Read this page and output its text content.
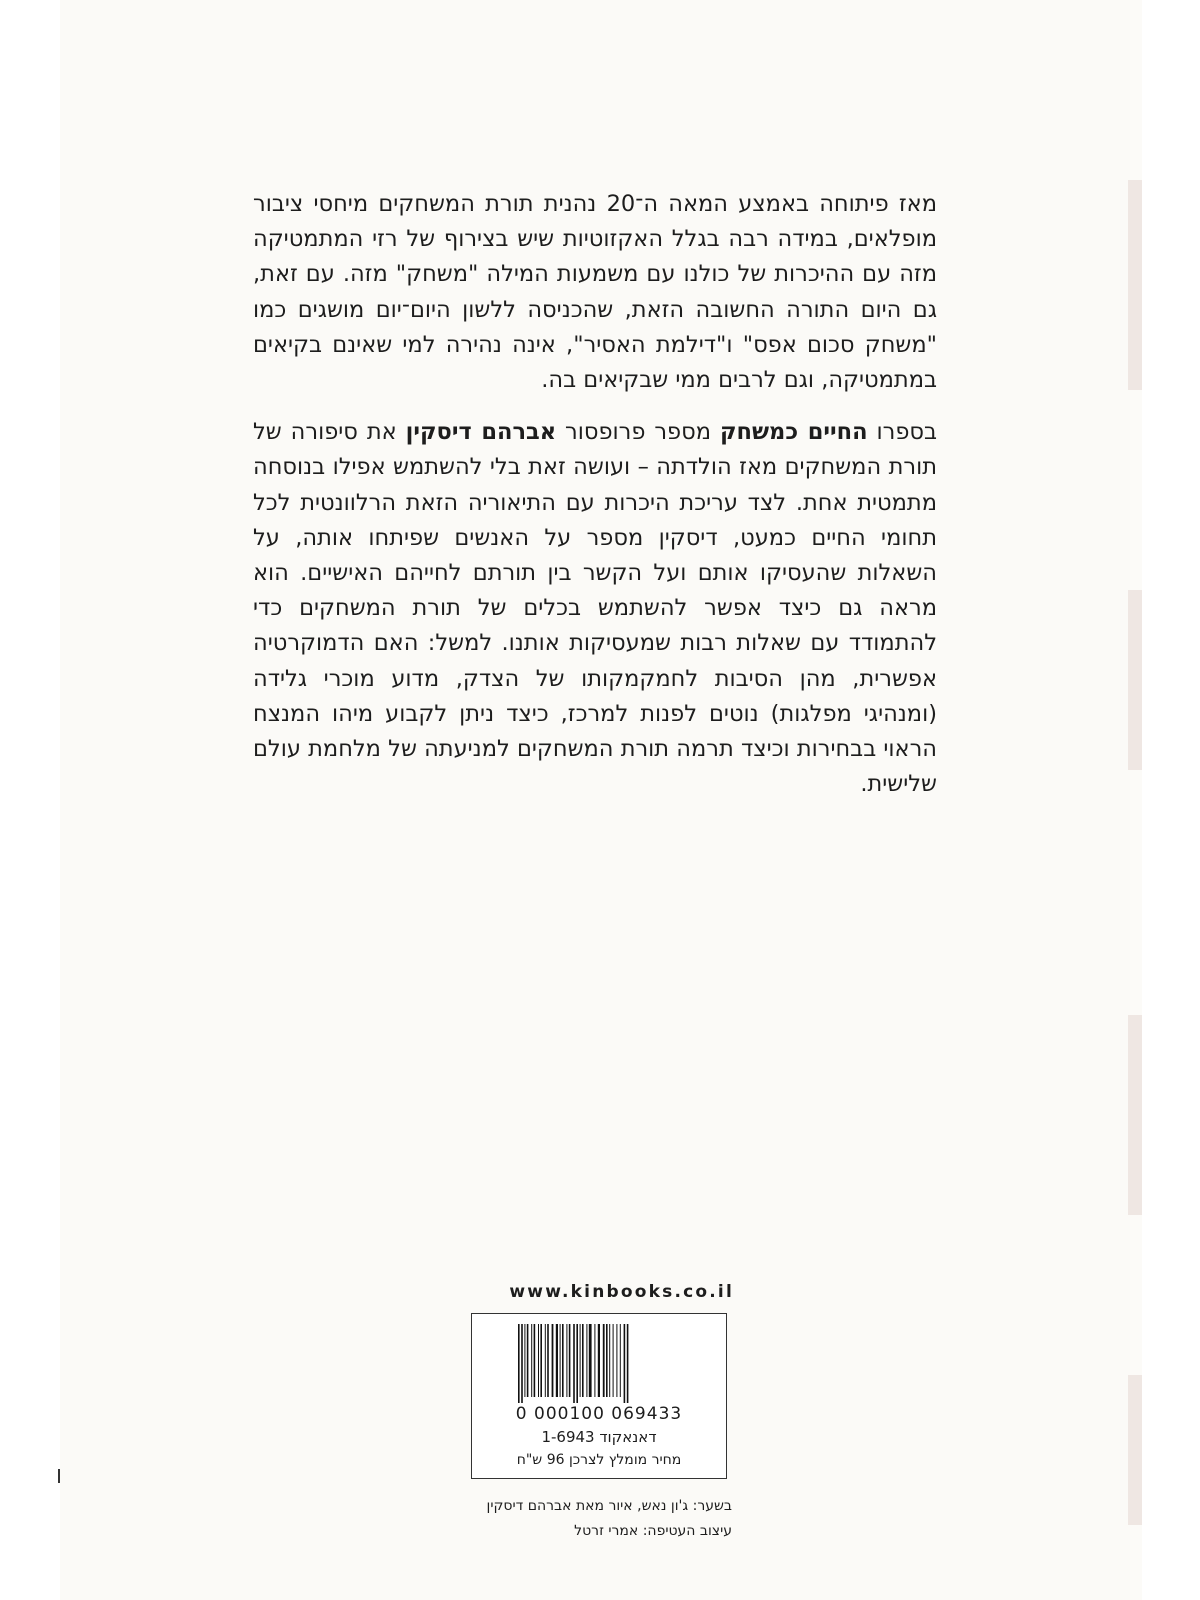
מאז פיתוחה באמצע המאה ה־20 נהנית תורת המשחקים מיחסי ציבור מופלאים, במידה רבה בגלל האקזוטיות שיש בצירוף של רזי המתמטיקה מזה עם ההיכרות של כולנו עם משמעות המילה "משחק" מזה. עם זאת, גם היום התורה החשובה הזאת, שהכניסה ללשון היום־יום מושגים כמו "משחק סכום אפס" ו"דילמת האסיר", אינה נהירה למי שאינם בקיאים במתמטיקה, וגם לרבים ממי שבקיאים בה.

בספרו החיים כמשחק מספר פרופסור אברהם דיסקין את סיפורה של תורת המשחקים מאז הולדתה – ועושה זאת בלי להשתמש אפילו בנוסחה מתמטית אחת. לצד עריכת היכרות עם התיאוריה הזאת הרלוונטית לכל תחומי החיים כמעט, דיסקין מספר על האנשים שפיתחו אותה, על השאלות שהעסיקו אותם ועל הקשר בין תורתם לחייהם האישיים. הוא מראה גם כיצד אפשר להשתמש בכלים של תורת המשחקים כדי להתמודד עם שאלות רבות שמעסיקות אותנו. למשל: האם הדמוקרטיה אפשרית, מהן הסיבות לחמקמקותו של הצדק, מדוע מוכרי גלידה (ומנהיגי מפלגות) נוטים לפנות למרכז, כיצד ניתן לקבוע מיהו המנצח הראוי בבחירות וכיצד תרמה תורת המשחקים למניעתה של מלחמת עולם שלישית.

www.kinbooks.co.il
0 000100 069433
דאנאקוד 1-6943
מחיר מומלץ לצרכן 96 ש"ח
בשער: ג'ון נאש, איור מאת אברהם דיסקין
עיצוב העטיפה: אמרי זרטל
